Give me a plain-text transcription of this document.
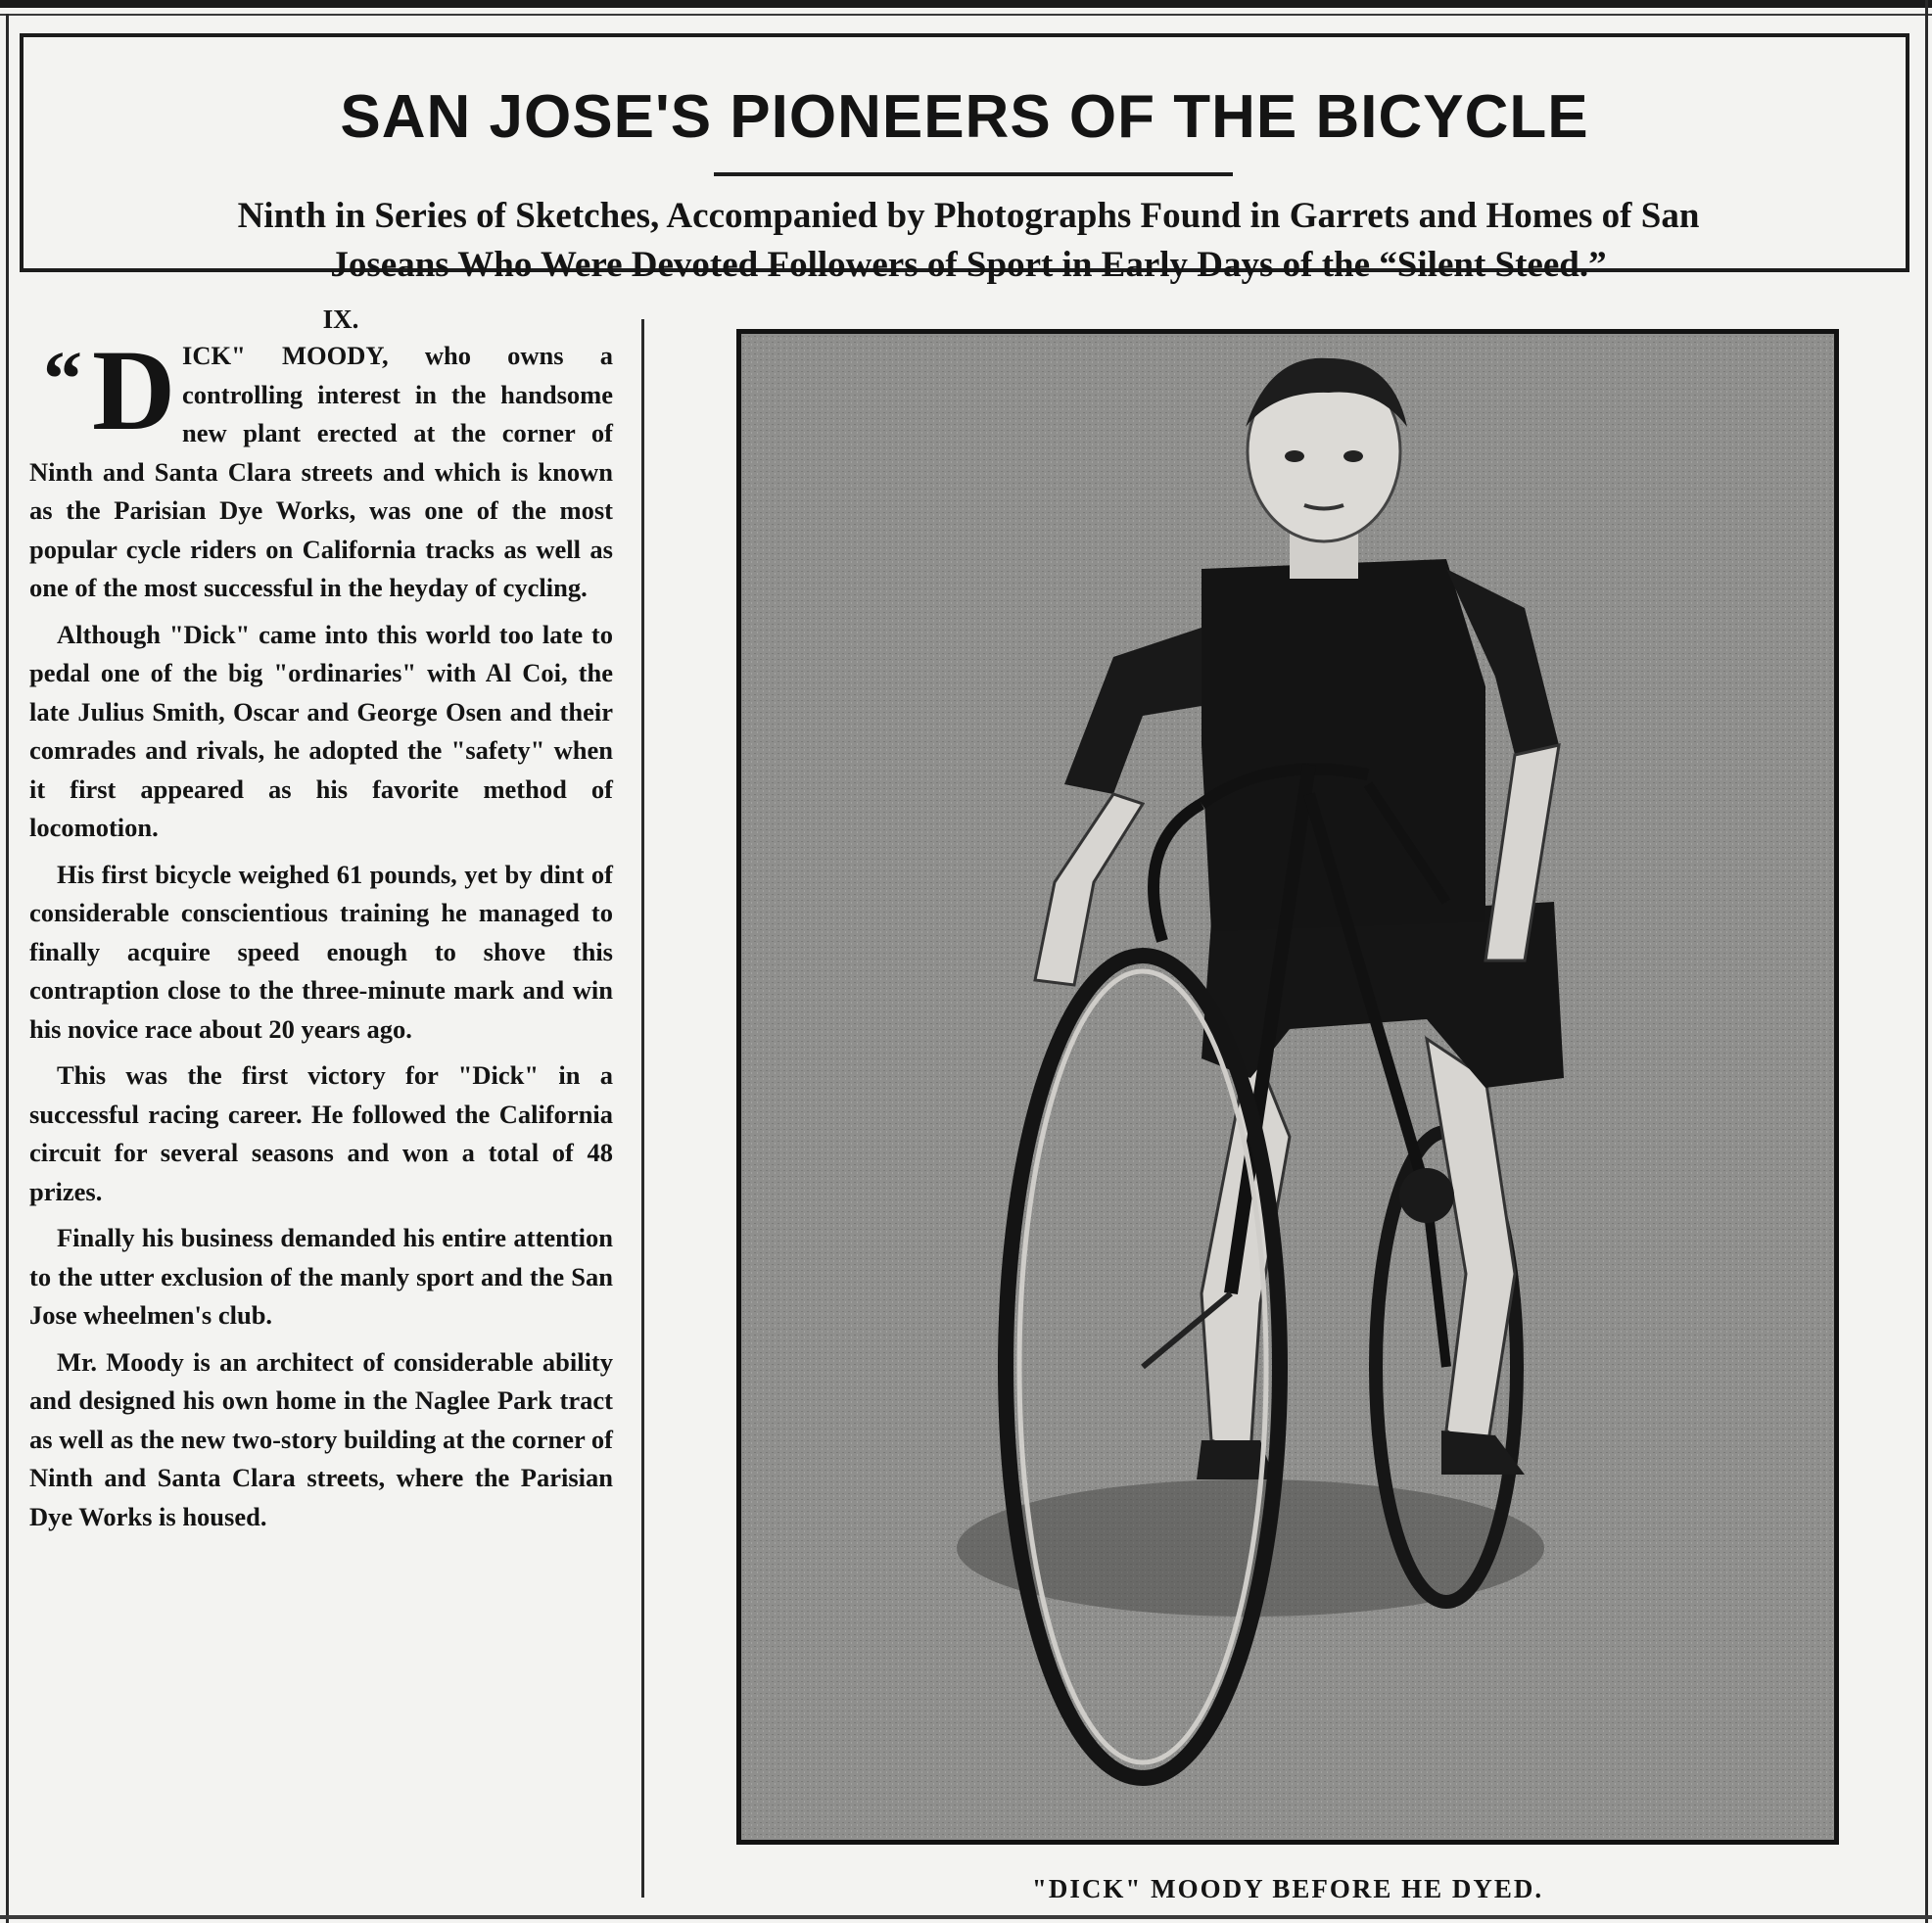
SAN JOSE'S PIONEERS OF THE BICYCLE
Ninth in Series of Sketches, Accompanied by Photographs Found in Garrets and Homes of San
Joseans Who Were Devoted Followers of Sport in Early Days of the “Silent Steed.”
IX.

“ D ICK" MOODY, who owns a controlling interest in the handsome new plant erected at the corner of Ninth and Santa Clara streets and which is known as the Parisian Dye Works, was one of the most popular cycle riders on California tracks as well as one of the most successful in the heyday of cycling.

Although "Dick" came into this world too late to pedal one of the big "ordinaries" with Al Coi, the late Julius Smith, Oscar and George Osen and their comrades and rivals, he adopted the "safety" when it first appeared as his favorite method of locomotion.

His first bicycle weighed 61 pounds, yet by dint of considerable conscientious training he managed to finally acquire speed enough to shove this contraption close to the three-minute mark and win his novice race about 20 years ago.

This was the first victory for "Dick" in a successful racing career. He followed the California circuit for several seasons and won a total of 48 prizes.

Finally his business demanded his entire attention to the utter exclusion of the manly sport and the San Jose wheelmen's club.

Mr. Moody is an architect of considerable ability and designed his own home in the Naglee Park tract as well as the new two-story building at the corner of Ninth and Santa Clara streets, where the Parisian Dye Works is housed.

"DICK" MOODY BEFORE HE DYED.
